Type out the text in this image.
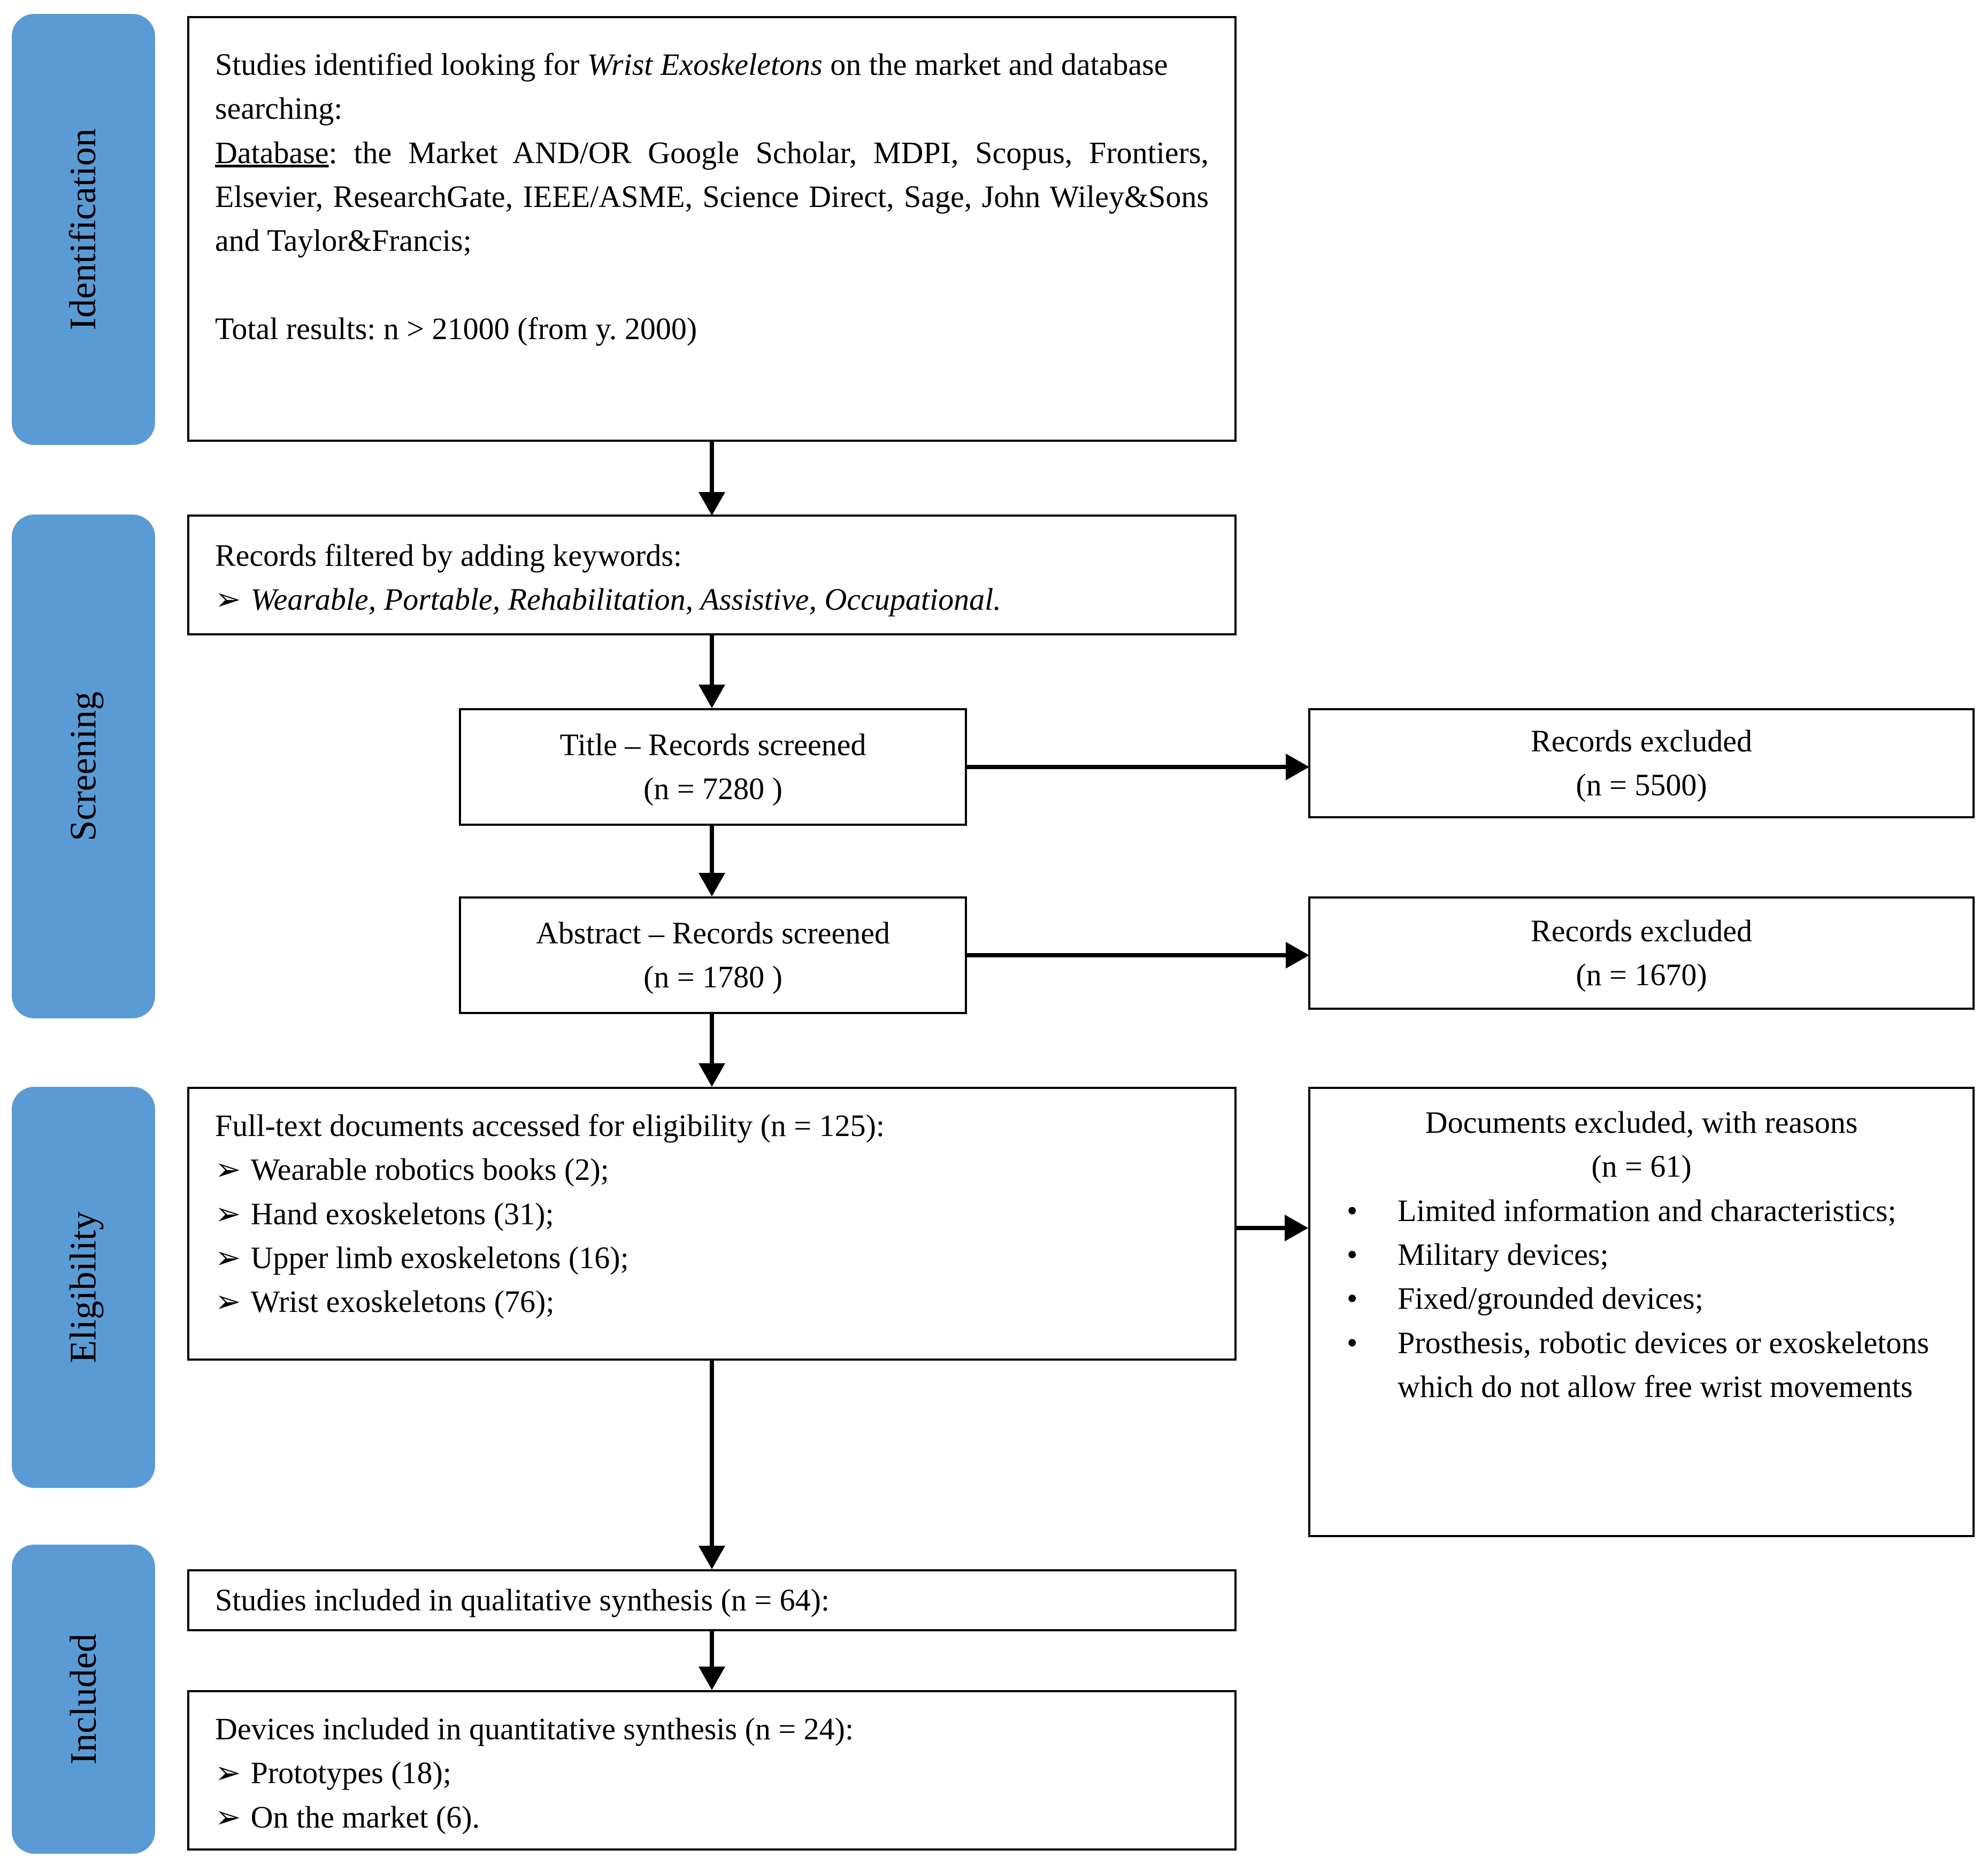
Identification
Screening
Eligibility
Included

Studies identified looking for Wrist Exoskeletons on the market and database searching:

Database: the Market AND/OR Google Scholar, MDPI, Scopus, Frontiers, Elsevier, ResearchGate, IEEE/ASME, Science Direct, Sage, John Wiley&Sons and Taylor&Francis;

Total results: n > 21000 (from y. 2000)

Records filtered by adding keywords:

➢ Wearable, Portable, Rehabilitation, Assistive, Occupational.
Title – Records screened
(n = 7280 )
Records excluded
(n = 5500)
Abstract – Records screened
(n = 1780 )
Records excluded
(n = 1670)

Full-text documents accessed for eligibility (n = 125):

➢ Wearable robotics books (2);
➢ Hand exoskeletons (31);
➢ Upper limb exoskeletons (16);
➢ Wrist exoskeletons (76);
Documents excluded, with reasons
(n = 61)
•	Limited information and characteristics;
•	Military devices;
•	Fixed/grounded devices;
•	Prosthesis, robotic devices or exoskeletons which do not allow free wrist movements
Studies included in qualitative synthesis (n = 64):

Devices included in quantitative synthesis (n = 24):

➢ Prototypes (18);
➢ On the market (6).
